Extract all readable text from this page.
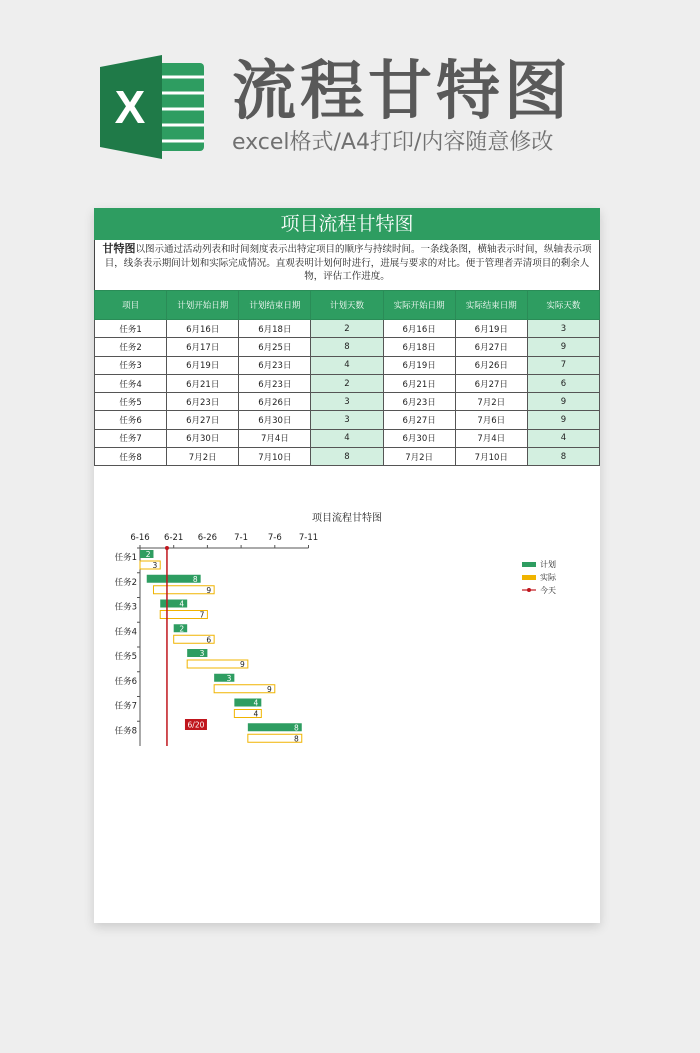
X 流程甘特图
excel格式/A4打印/内容随意修改
项目流程甘特图
甘特图以图示通过活动列表和时间刻度表示出特定项目的顺序与持续时间。一条线条图，横轴表示时间，纵轴表示项目，线条表示期间计划和实际完成情况。直观表明计划何时进行，进展与要求的对比。便于管理者弄清项目的剩余人物，评估工作进度。
项目	计划开始日期	计划结束日期	计划天数	实际开始日期	实际结束日期	实际天数
任务1	6月16日	6月18日	2	6月16日	6月19日	3
任务2	6月17日	6月25日	8	6月18日	6月27日	9
任务3	6月19日	6月23日	4	6月19日	6月26日	7
任务4	6月21日	6月23日	2	6月21日	6月27日	6
任务5	6月23日	6月26日	3	6月23日	7月2日	9
任务6	6月27日	6月30日	3	6月27日	7月6日	9
任务7	6月30日	7月4日	4	6月30日	7月4日	4
任务8	7月2日	7月10日	8	7月2日	7月10日	8
项目流程甘特图
6-16 6-21 6-26 7-1 7-6 7-11
任务1 2
3
任务2	8
9
任务3	4
7
任务4	2
6
任务5	3
9
任务6	3
9
任务7	4
4
任务8	8
8
6/20
计划
实际
今天
